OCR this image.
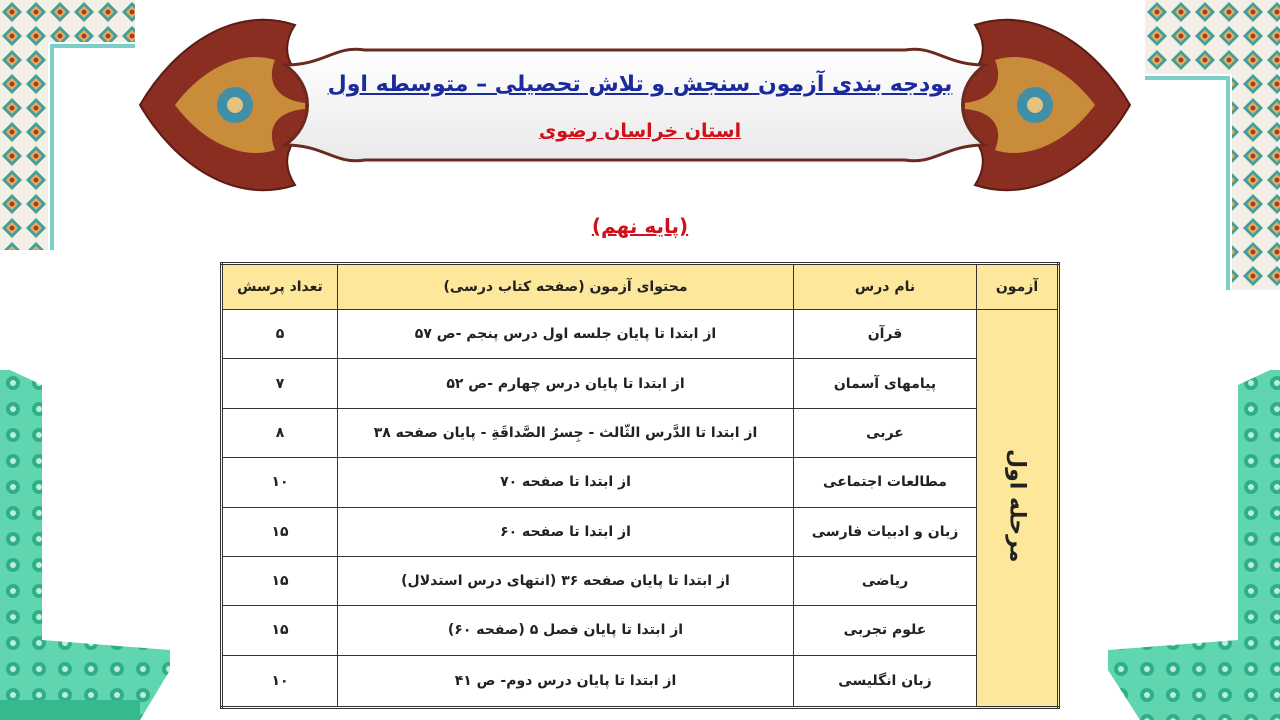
بودجه بندی آزمون سنجش و تلاش تحصیلی – متوسطه اول
استان خراسان رضوی
(پایه نهم)
آزمون	نام درس	محتوای آزمون (صفحه کتاب درسی)	تعداد پرسش
مرحله اول	قرآن	از ابتدا تا پایان جلسه اول درس پنجم -ص ۵۷	۵
	پیامهای آسمان	از ابتدا تا پایان درس چهارم -ص ۵۲	۷
	عربی	از ابتدا تا الدَّرس الثّالث - جِسرُ الصَّداقَةِ - پایان صفحه ۳۸	۸
	مطالعات اجتماعی	از ابتدا تا صفحه ۷۰	۱۰
	زبان و ادبیات فارسی	از ابتدا تا صفحه ۶۰	۱۵
	ریاضی	از ابتدا تا پایان صفحه ۳۶ (انتهای درس استدلال)	۱۵
	علوم تجربی	از ابتدا تا پایان فصل ۵ (صفحه ۶۰)	۱۵
	زبان انگلیسی	از ابتدا تا پایان درس دوم- ص ۴۱	۱۰
